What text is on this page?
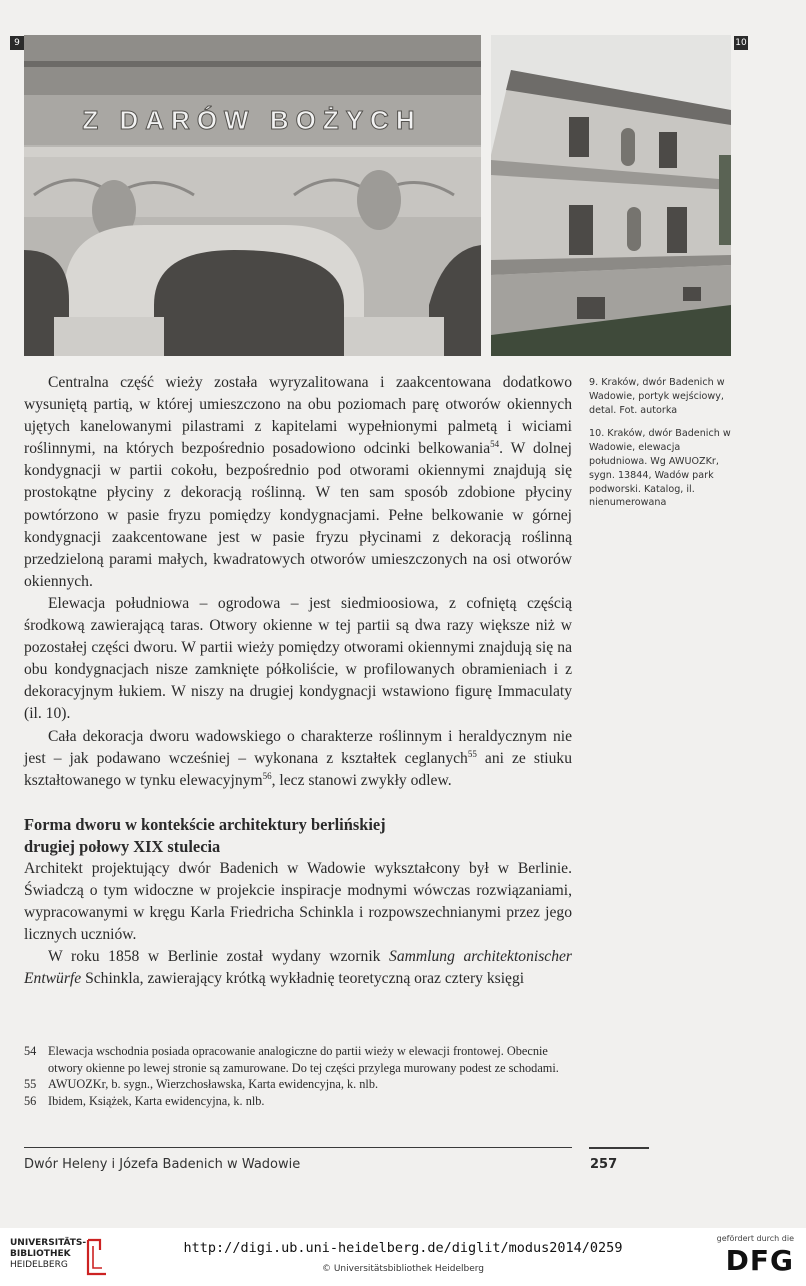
Z DARÓW BOŻYCH
9	10
9. Kraków, dwór Badenich w Wadowie, portyk wejściowy, detal. Fot. autorka
10. Kraków, dwór Badenich w Wadowie, elewacja południowa. Wg AWUOZKr, sygn. 13844, Wadów park podworski. Katalog, il. nienumerowana

Centralna część wieży została wyryzalitowana i zaakcentowana dodatkowo wysuniętą partią, w której umieszczono na obu poziomach parę otworów okiennych ujętych kanelowanymi pilastrami z kapitelami wypełnionymi palmetą i wiciami roślinnymi, na których bezpośrednio posadowiono odcinki belkowania$^{54}$. W dolnej kondygnacji w partii cokołu, bezpośrednio pod otworami okiennymi znajdują się prostokątne płyciny z dekoracją roślinną. W ten sam sposób zdobione płyciny powtórzono w pasie fryzu pomiędzy kondygnacjami. Pełne belkowanie w górnej kondygnacji zaakcentowane jest w pasie fryzu płycinami z dekoracją roślinną przedzieloną parami małych, kwadratowych otworów umieszczonych na osi otworów okiennych.

Elewacja południowa – ogrodowa – jest siedmioosiowa, z cofniętą częścią środkową zawierającą taras. Otwory okienne w tej partii są dwa razy większe niż w pozostałej części dworu. W partii wieży pomiędzy otworami okiennymi znajdują się na obu kondygnacjach nisze zamknięte półkoliście, w profilowanych obramieniach i z dekoracyjnym łukiem. W niszy na drugiej kondygnacji wstawiono figurę Immaculaty (il. 10).

Cała dekoracja dworu wadowskiego o charakterze roślinnym i heraldycznym nie jest – jak podawano wcześniej – wykonana z kształtek ceglanych$^{55}$ ani ze stiuku kształtowanego w tynku elewacyjnym$^{56}$, lecz stanowi zwykły odlew.

Forma dworu w kontekście architektury berlińskiej drugiej połowy XIX stulecia

Architekt projektujący dwór Badenich w Wadowie wykształcony był w Berlinie. Świadczą o tym widoczne w projekcie inspiracje modnymi wówczas rozwiązaniami, wypracowanymi w kręgu Karla Friedricha Schinkla i rozpowszechnianymi przez jego licznych uczniów.

W roku 1858 w Berlinie został wydany wzornik Sammlung architektonischer Entwürfe Schinkla, zawierający krótką wykładnię teoretyczną oraz cztery księgi

54 Elewacja wschodnia posiada opracowanie analogiczne do partii wieży w elewacji frontowej. Obecnie otwory okienne po lewej stronie są zamurowane. Do tej części przylega murowany podest ze schodami.
55 AWUOZKr, b. sygn., Wierzchosławska, Karta ewidencyjna, k. nlb.
56 Ibidem, Książek, Karta ewidencyjna, k. nlb.
Dwór Heleny i Józefa Badenich w Wadowie	257
UNIVERSITÄTS-
BIBLIOTHEK
HEIDELBERG
http://digi.ub.uni-heidelberg.de/diglit/modus2014/0259
© Universitätsbibliothek Heidelberg
gefördert durch die
DFG
